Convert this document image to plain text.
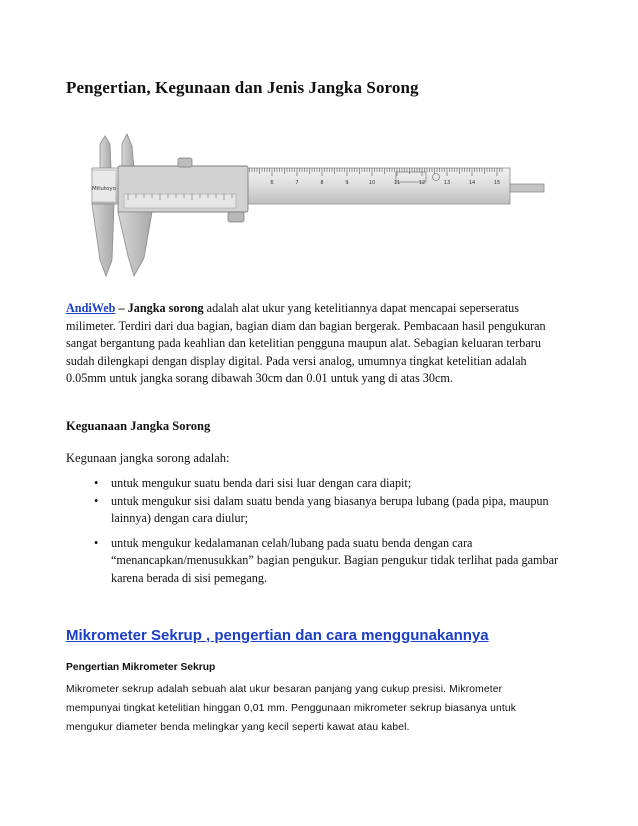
Pengertian, Kegunaan dan Jenis Jangka Sorong
Mitutoyo
6	7	8	9	10	11	12	13	14	15

AndiWeb – Jangka sorong adalah alat ukur yang ketelitiannya dapat mencapai seperseratus milimeter. Terdiri dari dua bagian, bagian diam dan bagian bergerak. Pembacaan hasil pengukuran sangat bergantung pada keahlian dan ketelitian pengguna maupun alat. Sebagian keluaran terbaru sudah dilengkapi dengan display digital. Pada versi analog, umumnya tingkat ketelitian adalah 0.05mm untuk jangka sorang dibawah 30cm dan 0.01 untuk yang di atas 30cm.

Keguanaan Jangka Sorong

Kegunaan jangka sorong adalah:

• untuk mengukur suatu benda dari sisi luar dengan cara diapit;
• untuk mengukur sisi dalam suatu benda yang biasanya berupa lubang (pada pipa, maupun lainnya) dengan cara diulur;
• untuk mengukur kedalamanan celah/lubang pada suatu benda dengan cara “menancapkan/menusukkan” bagian pengukur. Bagian pengukur tidak terlihat pada gambar karena berada di sisi pemegang.
Mikrometer Sekrup , pengertian dan cara menggunakannya

Pengertian Mikrometer Sekrup

Mikrometer sekrup adalah sebuah alat ukur besaran panjang yang cukup presisi. Mikrometer mempunyai tingkat ketelitian hinggan 0,01 mm. Penggunaan mikrometer sekrup biasanya untuk mengukur diameter benda melingkar yang kecil seperti kawat atau kabel.
